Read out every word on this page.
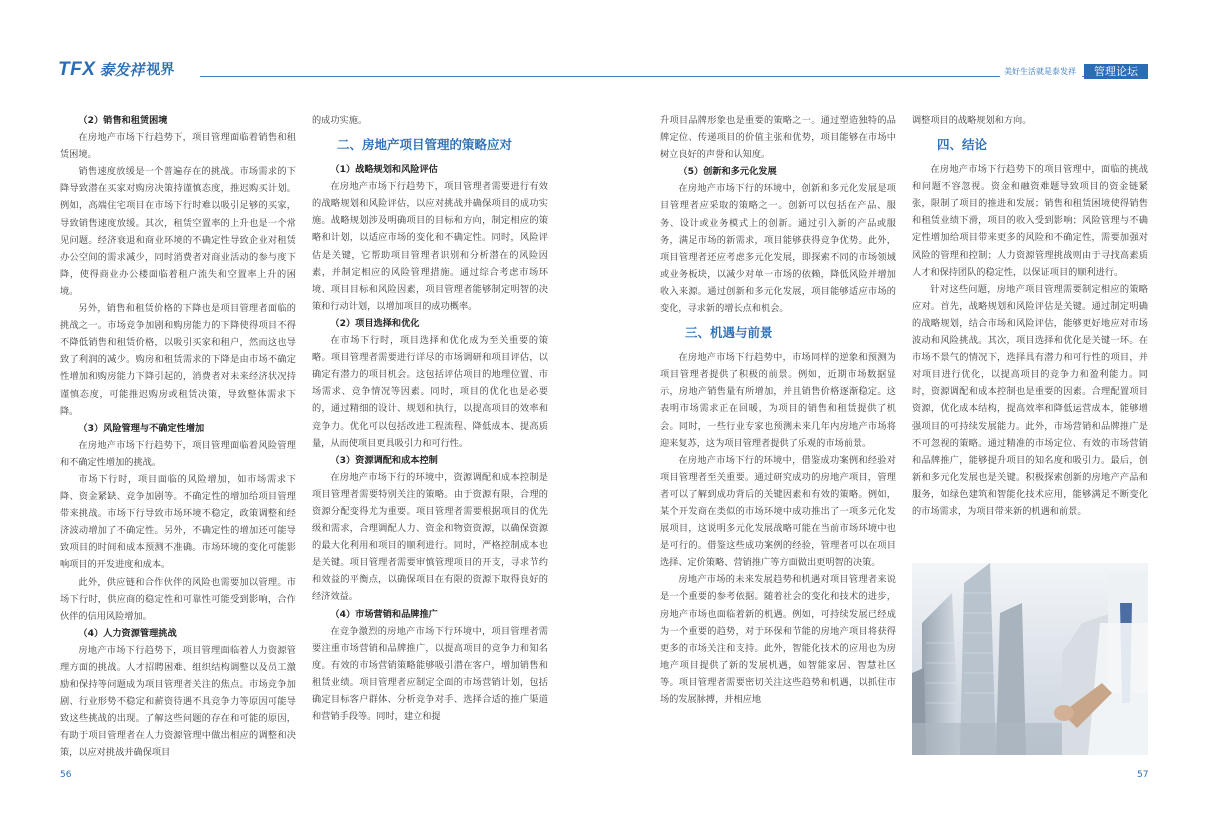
TFX 泰发祥 视界	美好生活就是泰发祥	管理论坛
（2）销售和租赁困境

在房地产市场下行趋势下，项目管理面临着销售和租赁困境。

销售速度放缓是一个普遍存在的挑战。市场需求的下降导致潜在买家对购房决策持谨慎态度，推迟购买计划。例如，高端住宅项目在市场下行时难以吸引足够的买家，导致销售速度放缓。其次，租赁空置率的上升也是一个常见问题。经济衰退和商业环境的不确定性导致企业对租赁办公空间的需求减少，同时消费者对商业活动的参与度下降，使得商业办公楼面临着租户流失和空置率上升的困境。

另外，销售和租赁价格的下降也是项目管理者面临的挑战之一。市场竞争加剧和购房能力的下降使得项目不得不降低销售和租赁价格，以吸引买家和租户，然而这也导致了利润的减少。购房和租赁需求的下降是由市场不确定性增加和购房能力下降引起的，消费者对未来经济状况持谨慎态度，可能推迟购房或租赁决策，导致整体需求下降。

（3）风险管理与不确定性增加

在房地产市场下行趋势下，项目管理面临着风险管理和不确定性增加的挑战。

市场下行时，项目面临的风险增加，如市场需求下降、资金紧缺、竞争加剧等。不确定性的增加给项目管理带来挑战。市场下行导致市场环境不稳定，政策调整和经济波动增加了不确定性。另外，不确定性的增加还可能导致项目的时间和成本预测不准确。市场环境的变化可能影响项目的开发进度和成本。

此外，供应链和合作伙伴的风险也需要加以管理。市场下行时，供应商的稳定性和可靠性可能受到影响，合作伙伴的信用风险增加。

（4）人力资源管理挑战

房地产市场下行趋势下，项目管理面临着人力资源管理方面的挑战。人才招聘困难、组织结构调整以及员工激励和保持等问题成为项目管理者关注的焦点。市场竞争加剧、行业形势不稳定和薪资待遇不具竞争力等原因可能导致这些挑战的出现。了解这些问题的存在和可能的原因，有助于项目管理者在人力资源管理中做出相应的调整和决策，以应对挑战并确保项目

的成功实施。

二、房地产项目管理的策略应对
（1）战略规划和风险评估

在房地产市场下行趋势下，项目管理者需要进行有效的战略规划和风险评估，以应对挑战并确保项目的成功实施。战略规划涉及明确项目的目标和方向，制定相应的策略和计划，以适应市场的变化和不确定性。同时，风险评估是关键，它帮助项目管理者识别和分析潜在的风险因素，并制定相应的风险管理措施。通过综合考虑市场环境、项目目标和风险因素，项目管理者能够制定明智的决策和行动计划，以增加项目的成功概率。

（2）项目选择和优化

在市场下行时，项目选择和优化成为至关重要的策略。项目管理者需要进行详尽的市场调研和项目评估，以确定有潜力的项目机会。这包括评估项目的地理位置、市场需求、竞争情况等因素。同时，项目的优化也是必要的，通过精细的设计、规划和执行，以提高项目的效率和竞争力。优化可以包括改进工程流程、降低成本、提高质量，从而使项目更具吸引力和可行性。

（3）资源调配和成本控制

在房地产市场下行的环境中，资源调配和成本控制是项目管理者需要特别关注的策略。由于资源有限，合理的资源分配变得尤为重要。项目管理者需要根据项目的优先级和需求，合理调配人力、资金和物资资源，以确保资源的最大化利用和项目的顺利进行。同时，严格控制成本也是关键。项目管理者需要审慎管理项目的开支，寻求节约和效益的平衡点，以确保项目在有限的资源下取得良好的经济效益。

（4）市场营销和品牌推广

在竞争激烈的房地产市场下行环境中，项目管理者需要注重市场营销和品牌推广，以提高项目的竞争力和知名度。有效的市场营销策略能够吸引潜在客户，增加销售和租赁业绩。项目管理者应制定全面的市场营销计划，包括确定目标客户群体、分析竞争对手、选择合适的推广渠道和营销手段等。同时，建立和提

升项目品牌形象也是重要的策略之一。通过塑造独特的品牌定位、传递项目的价值主张和优势，项目能够在市场中树立良好的声誉和认知度。

（5）创新和多元化发展

在房地产市场下行的环境中，创新和多元化发展是项目管理者应采取的策略之一。创新可以包括在产品、服务、设计或业务模式上的创新。通过引入新的产品或服务，满足市场的新需求，项目能够获得竞争优势。此外，项目管理者还应考虑多元化发展，即探索不同的市场领域或业务板块，以减少对单一市场的依赖，降低风险并增加收入来源。通过创新和多元化发展，项目能够适应市场的变化，寻求新的增长点和机会。

三、机遇与前景

在房地产市场下行趋势中，市场同样的逆象和预测为项目管理者提供了积极的前景。例如，近期市场数据显示，房地产销售量有所增加，并且销售价格逐渐稳定。这表明市场需求正在回暖，为项目的销售和租赁提供了机会。同时，一些行业专家也预测未来几年内房地产市场将迎来复苏，这为项目管理者提供了乐观的市场前景。

在房地产市场下行的环境中，借鉴成功案例和经验对项目管理者至关重要。通过研究成功的房地产项目，管理者可以了解到成功背后的关键因素和有效的策略。例如，某个开发商在类似的市场环境中成功推出了一项多元化发展项目，这说明多元化发展战略可能在当前市场环境中也是可行的。借鉴这些成功案例的经验，管理者可以在项目选择、定价策略、营销推广等方面做出更明智的决策。

房地产市场的未来发展趋势和机遇对项目管理者来说是一个重要的参考依据。随着社会的变化和技术的进步，房地产市场也面临着新的机遇。例如，可持续发展已经成为一个重要的趋势，对于环保和节能的房地产项目将获得更多的市场关注和支持。此外，智能化技术的应用也为房地产项目提供了新的发展机遇，如智能家居、智慧社区等。项目管理者需要密切关注这些趋势和机遇，以抓住市场的发展脉搏，并相应地

调整项目的战略规划和方向。

四、结论

在房地产市场下行趋势下的项目管理中，面临的挑战和问题不容忽视。资金和融资难题导致项目的资金链紧张，限制了项目的推进和发展；销售和租赁困境使得销售和租赁业绩下滑，项目的收入受到影响；风险管理与不确定性增加给项目带来更多的风险和不确定性，需要加强对风险的管理和控制；人力资源管理挑战则由于寻找高素质人才和保持团队的稳定性，以保证项目的顺利进行。

针对这些问题，房地产项目管理需要制定相应的策略应对。首先，战略规划和风险评估是关键。通过制定明确的战略规划，结合市场和风险评估，能够更好地应对市场波动和风险挑战。其次，项目选择和优化是关键一环。在市场不景气的情况下，选择具有潜力和可行性的项目，并对项目进行优化，以提高项目的竞争力和盈利能力。同时，资源调配和成本控制也是重要的因素。合理配置项目资源，优化成本结构，提高效率和降低运营成本，能够增强项目的可持续发展能力。此外，市场营销和品牌推广是不可忽视的策略。通过精准的市场定位、有效的市场营销和品牌推广，能够提升项目的知名度和吸引力。最后，创新和多元化发展也是关键。积极探索创新的房地产产品和服务，如绿色建筑和智能化技术应用，能够满足不断变化的市场需求，为项目带来新的机遇和前景。

56	57
